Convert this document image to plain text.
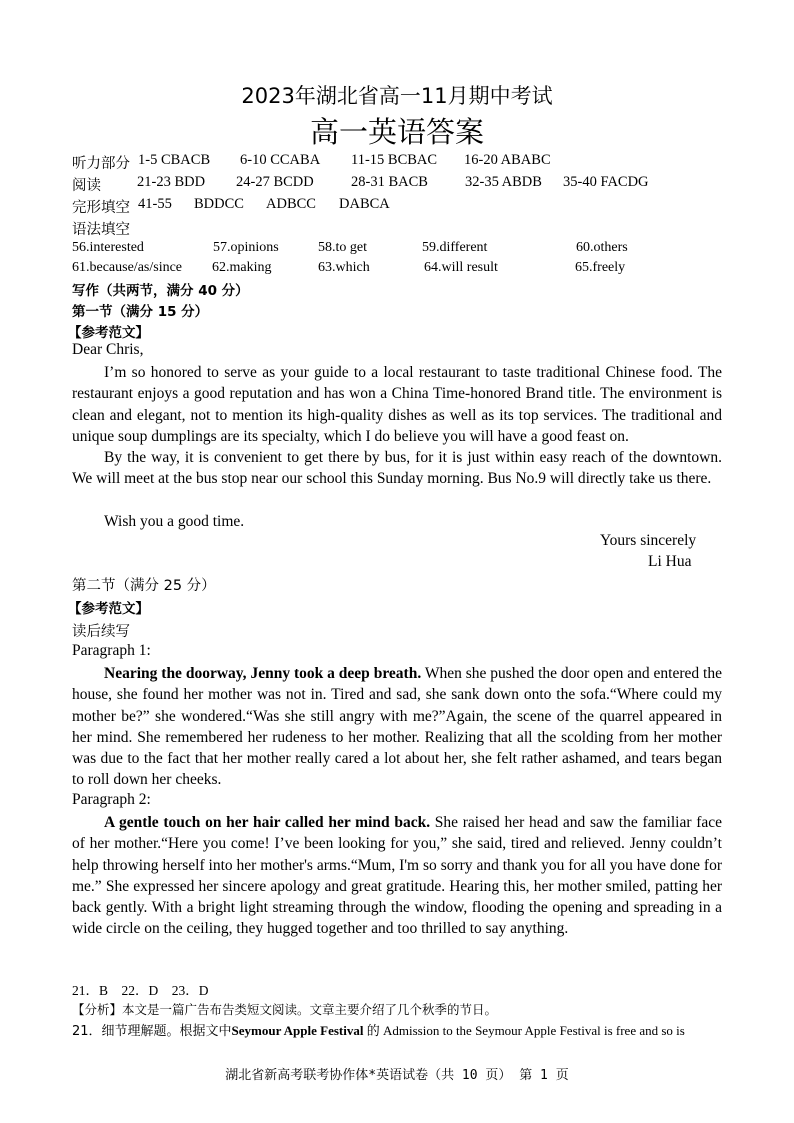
2023年湖北省高一11月期中考试
高一英语答案
听力部分 1-5 CBACB 6-10 CCABA 11-15 BCBAC 16-20 ABABC
阅读 21-23 BDD 24-27 BCDD	28-31 BACB	32-35 ABDB 35-40 FACDG
完形填空 41-55 BDDCC ADBCC DABCA
语法填空
56.interested	57.opinions	58.to get	59.different	60.others
61.because/as/since 62.making	63.which	64.will result	65.freely
写作（共两节，满分 40 分）
第一节（满分 15 分）
【参考范文】
Dear Chris,

I’m so honored to serve as your guide to a local restaurant to taste traditional Chinese food. The restaurant enjoys a good reputation and has won a China Time-honored Brand title. The environment is clean and elegant, not to mention its high-quality dishes as well as its top services. The traditional and unique soup dumplings are its specialty, which I do believe you will have a good feast on.

By the way, it is convenient to get there by bus, for it is just within easy reach of the downtown. We will meet at the bus stop near our school this Sunday morning. Bus No.9 will directly take us there.

Wish you a good time.

Yours sincerely
Li Hua
第二节（满分 25 分）
【参考范文】
读后续写
Paragraph 1:

Nearing the doorway, Jenny took a deep breath. When she pushed the door open and entered the house, she found her mother was not in. Tired and sad, she sank down onto the sofa.“Where could my mother be?” she wondered.“Was she still angry with me?”Again, the scene of the quarrel appeared in her mind. She remembered her rudeness to her mother. Realizing that all the scolding from her mother was due to the fact that her mother really cared a lot about her, she felt rather ashamed, and tears began to roll down her cheeks.

Paragraph 2:

A gentle touch on her hair called her mind back. She raised her head and saw the familiar face of her mother.“Here you come! I’ve been looking for you,” she said, tired and relieved. Jenny couldn’t help throwing herself into her mother's arms.“Mum, I'm so sorry and thank you for all you have done for me.” She expressed her sincere apology and great gratitude. Hearing this, her mother smiled, patting her back gently. With a bright light streaming through the window, flooding the opening and spreading in a wide circle on the ceiling, they hugged together and too thrilled to say anything.

21．B　22．D　23．D
【分析】本文是一篇广告布告类短文阅读。文章主要介绍了几个秋季的节日。
21．细节理解题。根据文中Seymour Apple Festival 的 Admission to the Seymour Apple Festival is free and so is
湖北省新高考联考协作体*英语试卷（共 10 页） 第 1 页
